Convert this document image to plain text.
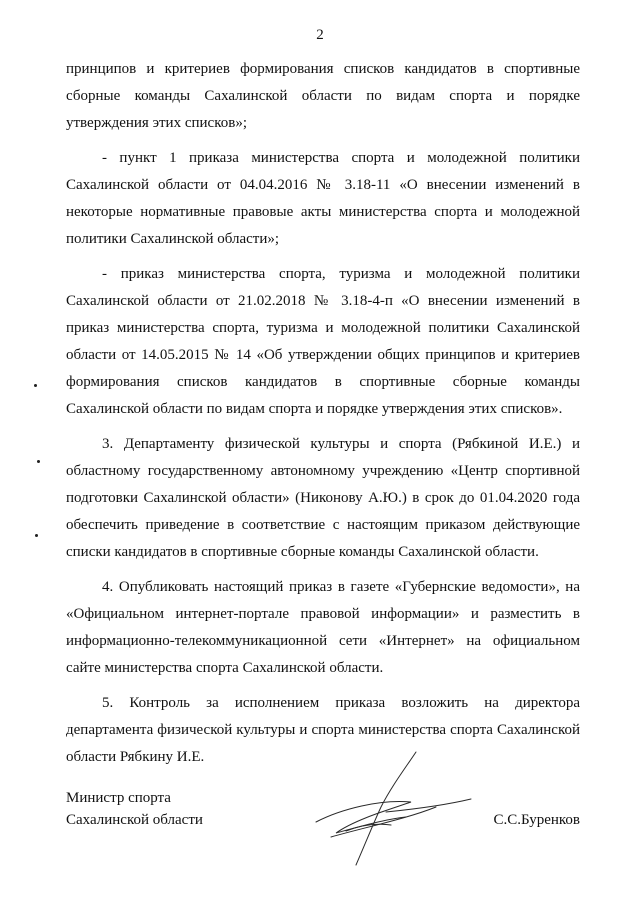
2

принципов и критериев формирования списков кандидатов в спортивные сборные команды Сахалинской области по видам спорта и порядке утверждения этих списков»;

- пункт 1 приказа министерства спорта и молодежной политики Сахалинской области от 04.04.2016 № 3.18-11 «О внесении изменений в некоторые нормативные правовые акты министерства спорта и молодежной политики Сахалинской области»;

- приказ министерства спорта, туризма и молодежной политики Сахалинской области от 21.02.2018 № 3.18-4-п «О внесении изменений в приказ министерства спорта, туризма и молодежной политики Сахалинской области от 14.05.2015 № 14 «Об утверждении общих принципов и критериев формирования списков кандидатов в спортивные сборные команды Сахалинской области по видам спорта и порядке утверждения этих списков».

3. Департаменту физической культуры и спорта (Рябкиной И.Е.) и областному государственному автономному учреждению «Центр спортивной подготовки Сахалинской области» (Никонову А.Ю.) в срок до 01.04.2020 года обеспечить приведение в соответствие с настоящим приказом действующие списки кандидатов в спортивные сборные команды Сахалинской области.

4. Опубликовать настоящий приказ в газете «Губернские ведомости», на «Официальном интернет-портале правовой информации» и разместить в информационно-телекоммуникационной сети «Интернет» на официальном сайте министерства спорта Сахалинской области.

5. Контроль за исполнением приказа возложить на директора департамента физической культуры и спорта министерства спорта Сахалинской области Рябкину И.Е.

Министр спорта
Сахалинской области	С.С.Буренков
